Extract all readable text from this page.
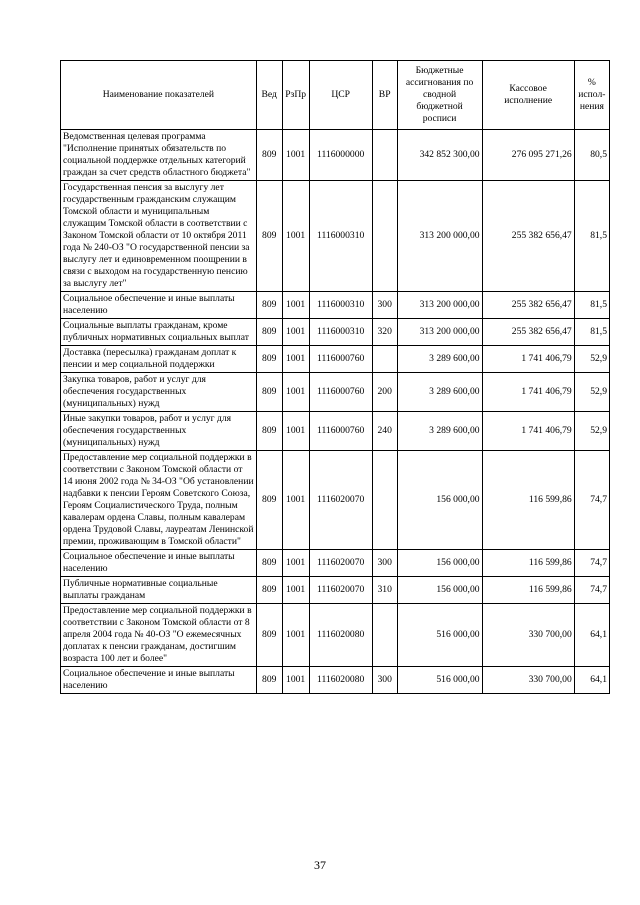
Наименование показателей	Вед	РзПр	ЦСР	ВР	Бюджетные ассигнования по сводной бюджетной росписи	Кассовое исполнение	% испол-нения
Ведомственная целевая программа "Исполнение принятых обязательств по социальной поддержке отдельных категорий граждан за счет средств областного бюджета"	809	1001	1116000000		342 852 300,00	276 095 271,26	80,5
Государственная пенсия за выслугу лет государственным гражданским служащим Томской области и муниципальным служащим Томской области в соответствии с Законом Томской области от 10 октября 2011 года № 240-ОЗ "О государственной пенсии за выслугу лет и единовременном поощрении в связи с выходом на государственную пенсию за выслугу лет"	809	1001	1116000310		313 200 000,00	255 382 656,47	81,5
Социальное обеспечение и иные выплаты населению	809	1001	1116000310	300	313 200 000,00	255 382 656,47	81,5
Социальные выплаты гражданам, кроме публичных нормативных социальных выплат	809	1001	1116000310	320	313 200 000,00	255 382 656,47	81,5
Доставка (пересылка) гражданам доплат к пенсии и мер социальной поддержки	809	1001	1116000760		3 289 600,00	1 741 406,79	52,9
Закупка товаров, работ и услуг для обеспечения государственных (муниципальных) нужд	809	1001	1116000760	200	3 289 600,00	1 741 406,79	52,9
Иные закупки товаров, работ и услуг для обеспечения государственных (муниципальных) нужд	809	1001	1116000760	240	3 289 600,00	1 741 406,79	52,9
Предоставление мер социальной поддержки в соответствии с Законом Томской области от 14 июня 2002 года № 34-ОЗ "Об установлении надбавки к пенсии Героям Советского Союза, Героям Социалистического Труда, полным кавалерам ордена Славы, полным кавалерам ордена Трудовой Славы, лауреатам Ленинской премии, проживающим в Томской области"	809	1001	1116020070		156 000,00	116 599,86	74,7
Социальное обеспечение и иные выплаты населению	809	1001	1116020070	300	156 000,00	116 599,86	74,7
Публичные нормативные социальные выплаты гражданам	809	1001	1116020070	310	156 000,00	116 599,86	74,7
Предоставление мер социальной поддержки в соответствии с Законом Томской области от 8 апреля 2004 года № 40-ОЗ "О ежемесячных доплатах к пенсии гражданам, достигшим возраста 100 лет и более"	809	1001	1116020080		516 000,00	330 700,00	64,1
Социальное обеспечение и иные выплаты населению	809	1001	1116020080	300	516 000,00	330 700,00	64,1
37
